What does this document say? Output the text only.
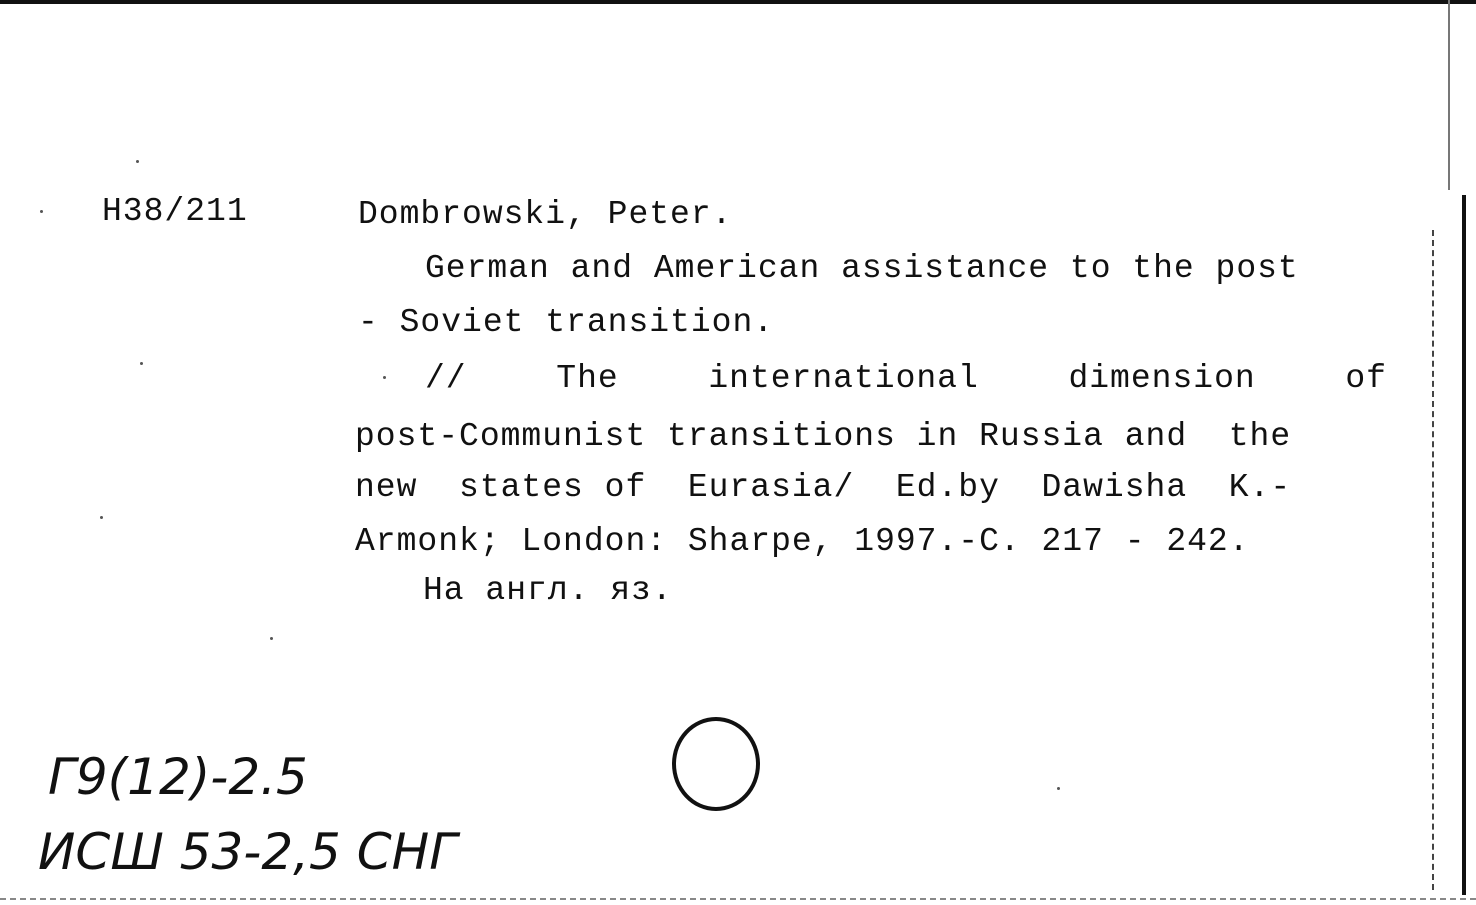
H38/211	Dombrowski, Peter.
German and American assistance to the post
- Soviet transition.
//	The	international	dimension	of
post-Communist transitions in Russia and  the
new  states of  Eurasia/  Ed.by  Dawisha  K.-
Armonk; London: Sharpe, 1997.-C. 217 - 242.
На англ. яз.
Г9(12)-2.5
ИСШ 53-2,5 СНГ
